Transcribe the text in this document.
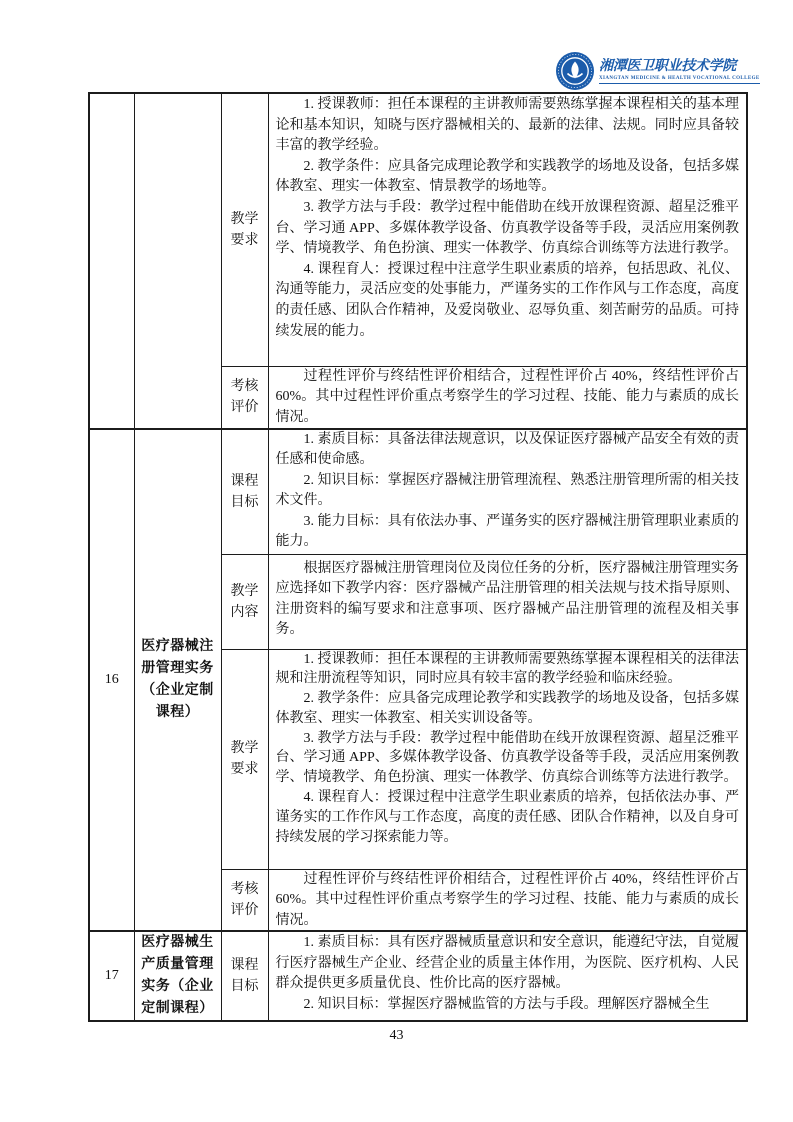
湘潭医卫职业技术学院
XIANGTAN MEDICINE & HEALTH VOCATIONAL COLLEGE
		教学要求	1. 授课教师：担任本课程的主讲教师需要熟练掌握本课程相关的基本理论和基本知识，知晓与医疗器械相关的、最新的法律、法规。同时应具备较丰富的教学经验。

2. 教学条件：应具备完成理论教学和实践教学的场地及设备，包括多媒体教室、理实一体教室、情景教学的场地等。

3. 教学方法与手段：教学过程中能借助在线开放课程资源、超星泛雅平台、学习通 APP、多媒体教学设备、仿真教学设备等手段，灵活应用案例教学、情境教学、角色扮演、理实一体教学、仿真综合训练等方法进行教学。

4. 课程育人：授课过程中注意学生职业素质的培养，包括思政、礼仪、沟通等能力，灵活应变的处事能力，严谨务实的工作作风与工作态度，高度的责任感、团队合作精神，及爱岗敬业、忍辱负重、刻苦耐劳的品质。可持续发展的能力。

		考核评价	过程性评价与终结性评价相结合，过程性评价占 40%，终结性评价占 60%。其中过程性评价重点考察学生的学习过程、技能、能力与素质的成长情况。

16	医疗器械注册管理实务（企业定制课程）	课程目标	1. 素质目标：具备法律法规意识，以及保证医疗器械产品安全有效的责任感和使命感。

2. 知识目标：掌握医疗器械注册管理流程、熟悉注册管理所需的相关技术文件。

3. 能力目标：具有依法办事、严谨务实的医疗器械注册管理职业素质的能力。

		教学内容	根据医疗器械注册管理岗位及岗位任务的分析，医疗器械注册管理实务应选择如下教学内容：医疗器械产品注册管理的相关法规与技术指导原则、注册资料的编写要求和注意事项、医疗器械产品注册管理的流程及相关事务。

		教学要求	1. 授课教师：担任本课程的主讲教师需要熟练掌握本课程相关的法律法规和注册流程等知识，同时应具有较丰富的教学经验和临床经验。

2. 教学条件：应具备完成理论教学和实践教学的场地及设备，包括多媒体教室、理实一体教室、相关实训设备等。

3. 教学方法与手段：教学过程中能借助在线开放课程资源、超星泛雅平台、学习通 APP、多媒体教学设备、仿真教学设备等手段，灵活应用案例教学、情境教学、角色扮演、理实一体教学、仿真综合训练等方法进行教学。

4. 课程育人：授课过程中注意学生职业素质的培养，包括依法办事、严谨务实的工作作风与工作态度，高度的责任感、团队合作精神，以及自身可持续发展的学习探索能力等。

		考核评价	过程性评价与终结性评价相结合，过程性评价占 40%，终结性评价占 60%。其中过程性评价重点考察学生的学习过程、技能、能力与素质的成长情况。

17	医疗器械生产质量管理实务（企业定制课程）	课程目标	1. 素质目标：具有医疗器械质量意识和安全意识，能遵纪守法，自觉履行医疗器械生产企业、经营企业的质量主体作用，为医院、医疗机构、人民群众提供更多质量优良、性价比高的医疗器械。

2. 知识目标：掌握医疗器械监管的方法与手段。理解医疗器械全生

43
